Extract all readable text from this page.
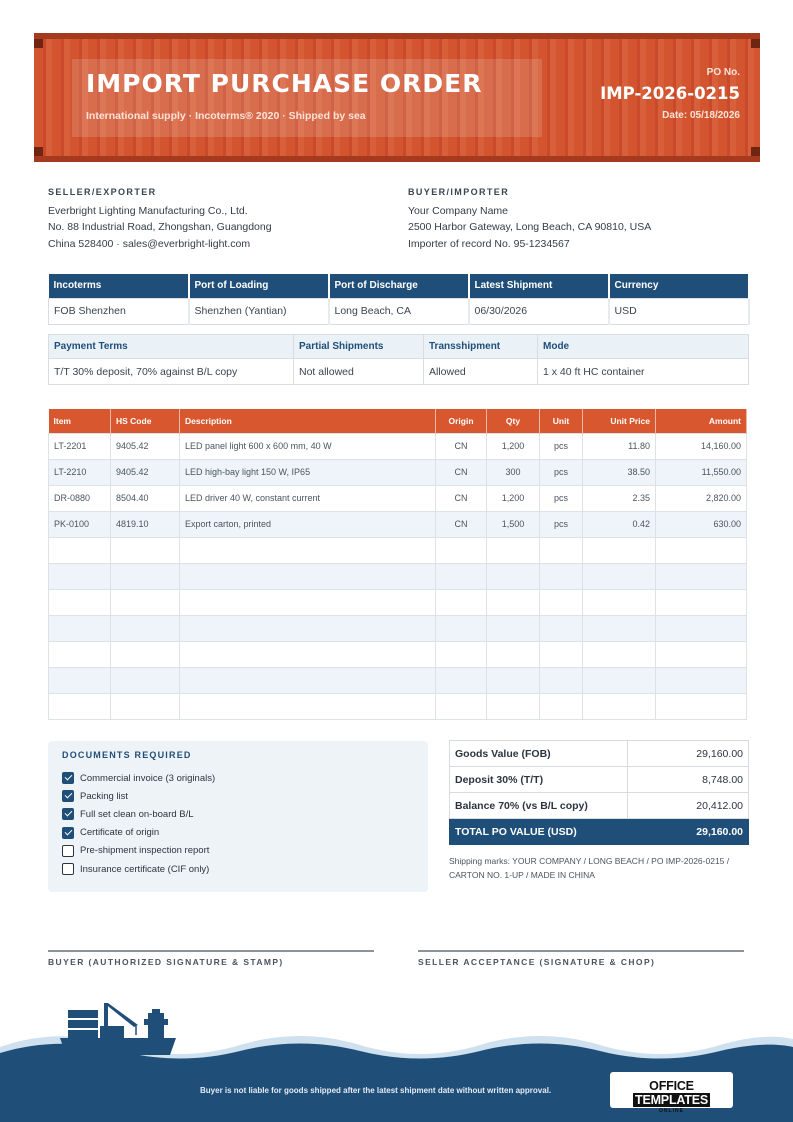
IMPORT PURCHASE ORDER
International supply · Incoterms® 2020 · Shipped by sea
PO No.
IMP-2026-0215
Date: 05/18/2026
SELLER/EXPORTER
Everbright Lighting Manufacturing Co., Ltd.
No. 88 Industrial Road, Zhongshan, Guangdong
China 528400 · sales@everbright-light.com
BUYER/IMPORTER
Your Company Name
2500 Harbor Gateway, Long Beach, CA 90810, USA
Importer of record No. 95-1234567
Incoterms	Port of Loading	Port of Discharge	Latest Shipment	Currency
FOB Shenzhen	Shenzhen (Yantian)	Long Beach, CA	06/30/2026	USD
Payment Terms	Partial Shipments	Transshipment	Mode
T/T 30% deposit, 70% against B/L copy	Not allowed	Allowed	1 x 40 ft HC container
Item	HS Code	Description	Origin	Qty	Unit	Unit Price	Amount
LT-2201	9405.42	LED panel light 600 x 600 mm, 40 W	CN	1,200	pcs	11.80	14,160.00
LT-2210	9405.42	LED high-bay light 150 W, IP65	CN	300	pcs	38.50	11,550.00
DR-0880	8504.40	LED driver 40 W, constant current	CN	1,200	pcs	2.35	2,820.00
PK-0100	4819.10	Export carton, printed	CN	1,500	pcs	0.42	630.00

DOCUMENTS REQUIRED
Commercial invoice (3 originals)
Packing list
Full set clean on-board B/L
Certificate of origin
Pre-shipment inspection report
Insurance certificate (CIF only)
Goods Value (FOB)	29,160.00
Deposit 30% (T/T)	8,748.00
Balance 70% (vs B/L copy)	20,412.00
TOTAL PO VALUE (USD)	29,160.00
Shipping marks: YOUR COMPANY / LONG BEACH / PO IMP-2026-0215 / CARTON NO. 1-UP / MADE IN CHINA
BUYER (AUTHORIZED SIGNATURE & STAMP)	SELLER ACCEPTANCE (SIGNATURE & CHOP)
Buyer is not liable for goods shipped after the latest shipment date without written approval.	OFFICE TEMPLATES
ONLINE
